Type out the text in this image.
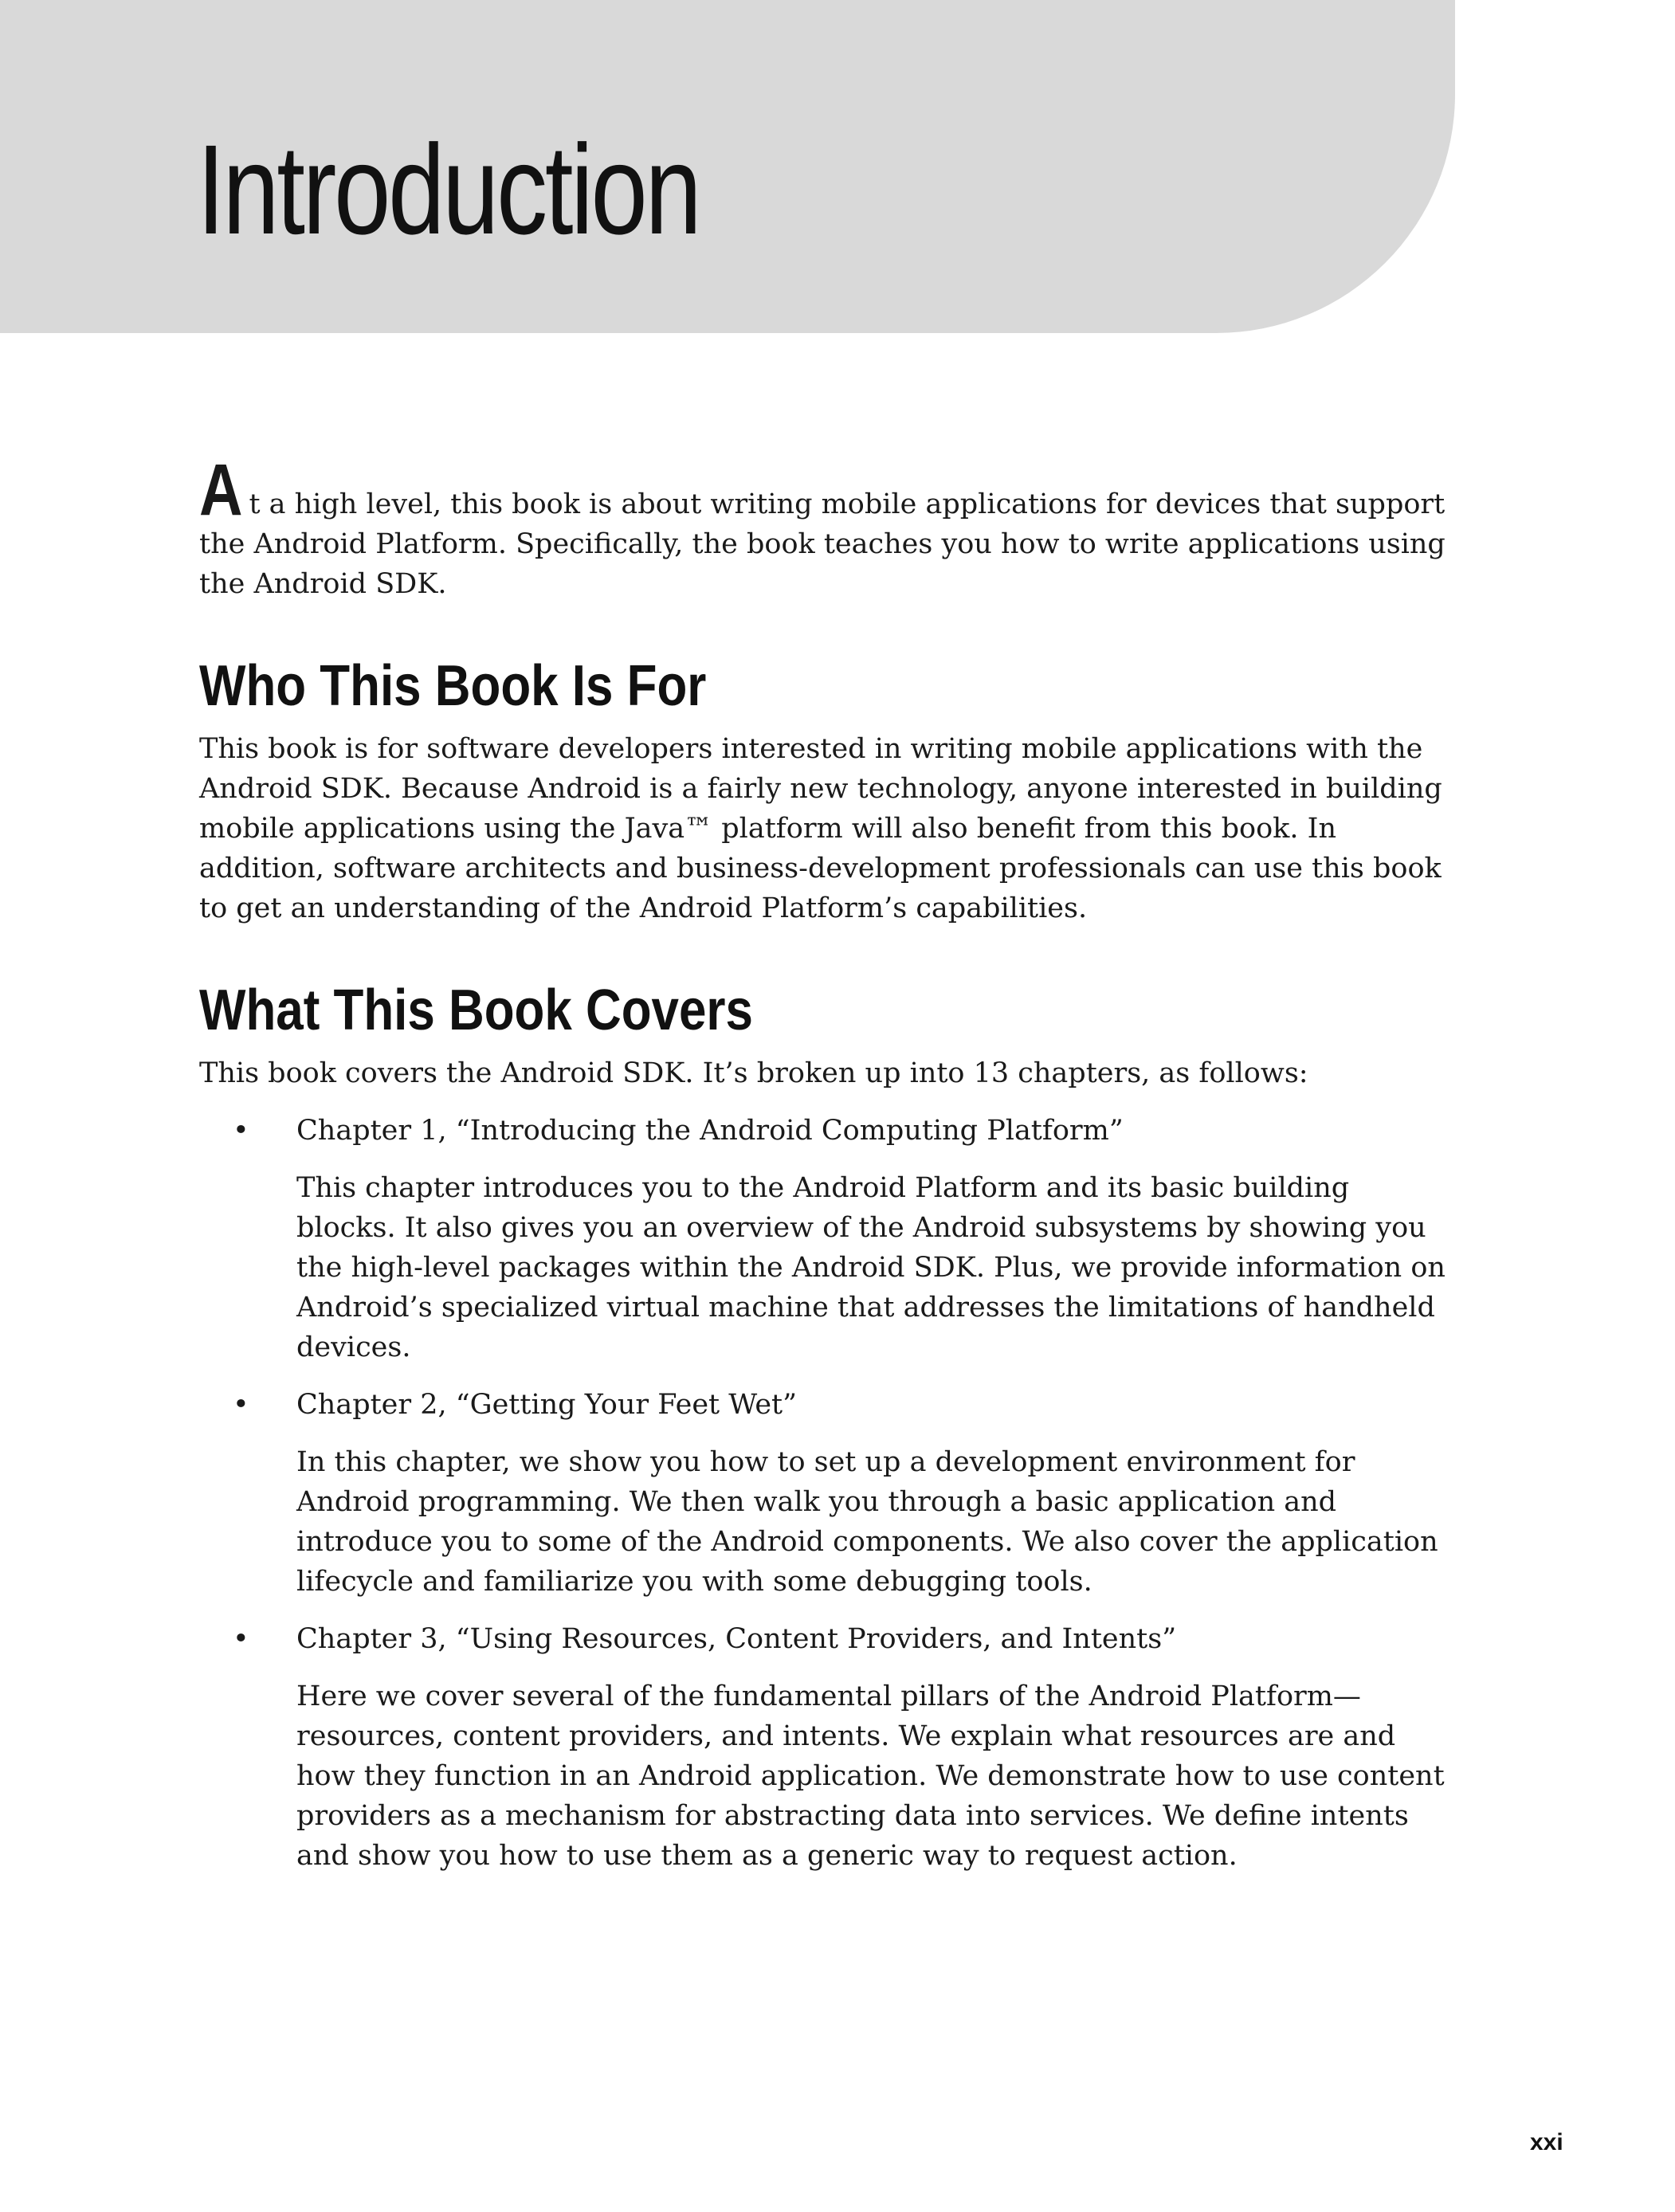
Introduction

At a high level, this book is about writing mobile applications for devices that support the Android Platform. Specifically, the book teaches you how to write applications using the Android SDK.

Who This Book Is For

This book is for software developers interested in writing mobile applications with the Android SDK. Because Android is a fairly new technology, anyone interested in building mobile applications using the Java™ platform will also benefit from this book. In addition, software architects and business-development professionals can use this book to get an understanding of the Android Platform’s capabilities.

What This Book Covers

This book covers the Android SDK. It’s broken up into 13 chapters, as follows:

• Chapter 1, “Introducing the Android Computing Platform”

This chapter introduces you to the Android Platform and its basic building blocks. It also gives you an overview of the Android subsystems by showing you the high-level packages within the Android SDK. Plus, we provide information on Android’s specialized virtual machine that addresses the limitations of handheld devices.

• Chapter 2, “Getting Your Feet Wet”

In this chapter, we show you how to set up a development environment for Android programming. We then walk you through a basic application and introduce you to some of the Android components. We also cover the application lifecycle and familiarize you with some debugging tools.

• Chapter 3, “Using Resources, Content Providers, and Intents”

Here we cover several of the fundamental pillars of the Android Platform—resources, content providers, and intents. We explain what resources are and how they function in an Android application. We demonstrate how to use content providers as a mechanism for abstracting data into services. We define intents and show you how to use them as a generic way to request action.

xxi
